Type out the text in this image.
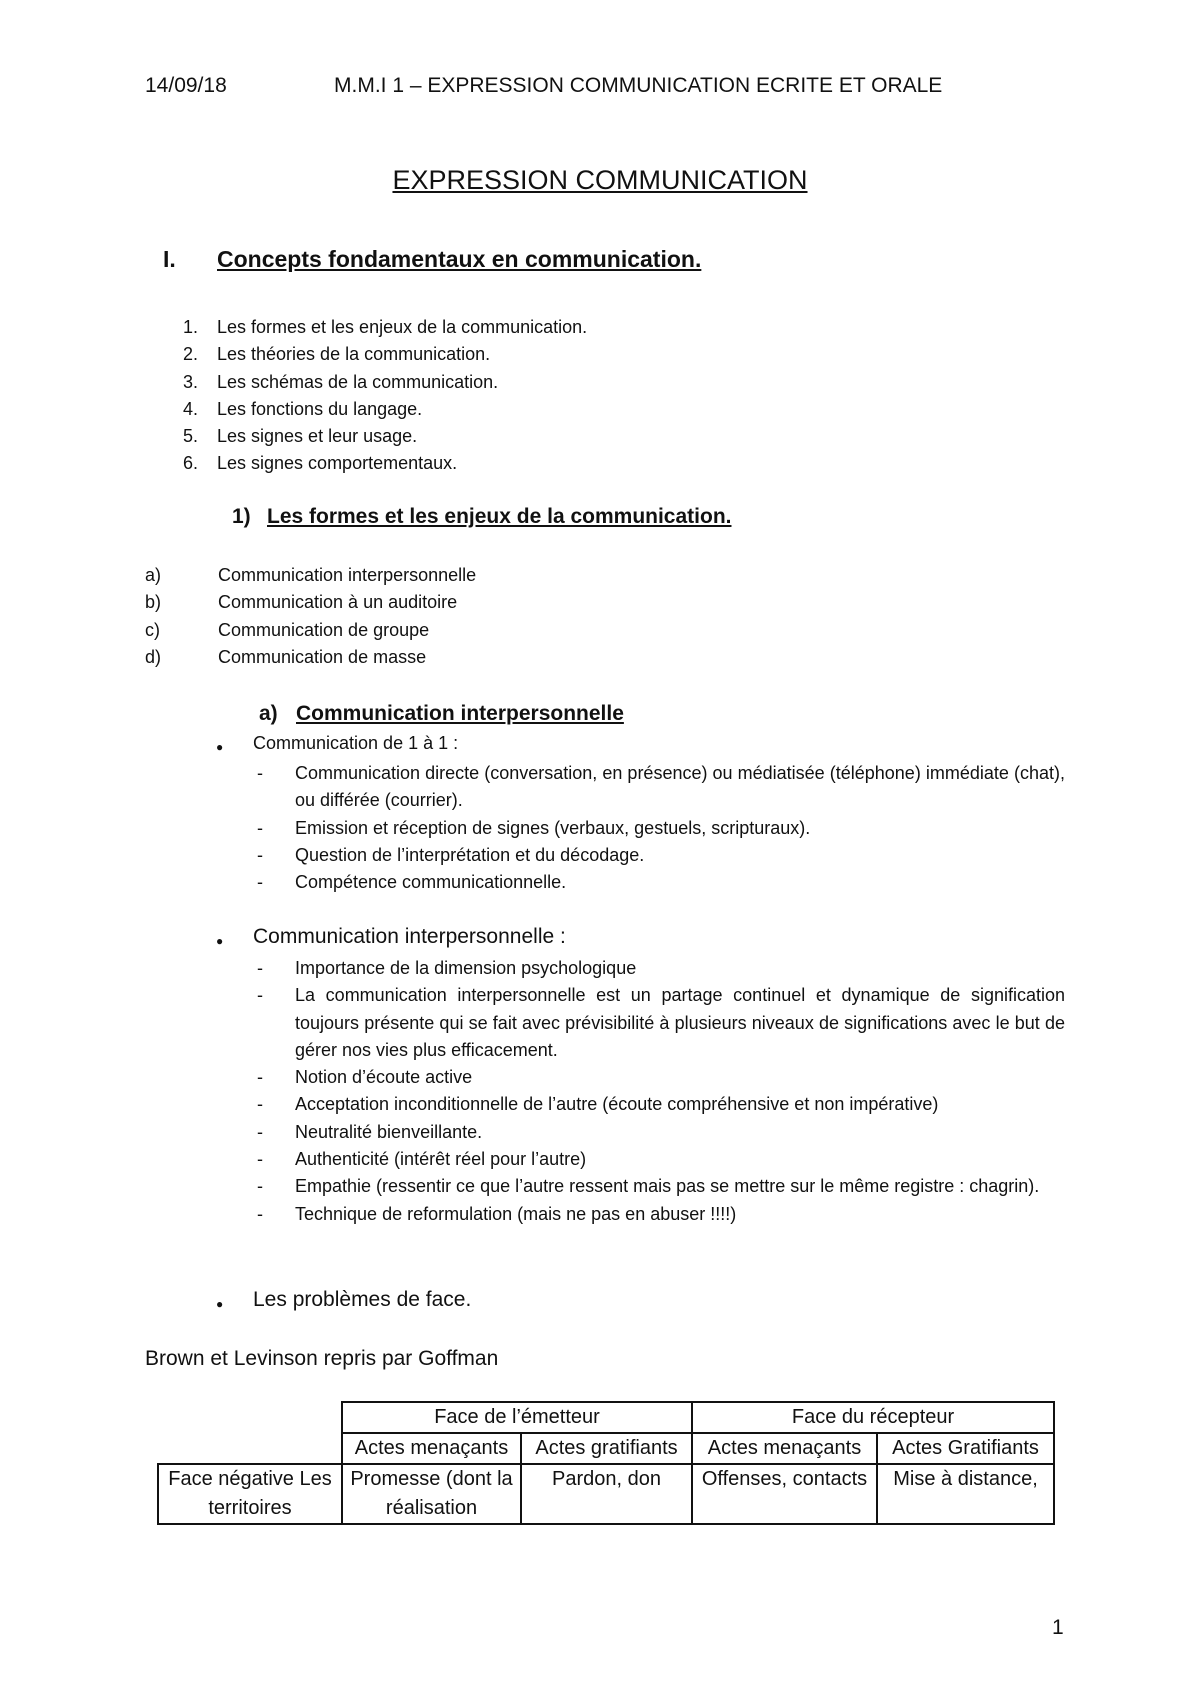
14/09/18	M.M.I 1 – EXPRESSION COMMUNICATION ECRITE ET ORALE
EXPRESSION COMMUNICATION
I. Concepts fondamentaux en communication.
1. Les formes et les enjeux de la communication.
2. Les théories de la communication.
3. Les schémas de la communication.
4. Les fonctions du langage.
5. Les signes et leur usage.
6. Les signes comportementaux.
1) Les formes et les enjeux de la communication.
a)	Communication interpersonnelle
b)	Communication à un auditoire
c)	Communication de groupe
d)	Communication de masse
a) Communication interpersonnelle
● Communication de 1 à 1 :
- Communication directe (conversation, en présence) ou médiatisée (téléphone) immédiate (chat), ou différée (courrier).
- Emission et réception de signes (verbaux, gestuels, scripturaux).
- Question de l’interprétation et du décodage.
- Compétence communicationnelle.
● Communication interpersonnelle :
- Importance de la dimension psychologique
- La communication interpersonnelle est un partage continuel et dynamique de signification toujours présente qui se fait avec prévisibilité à plusieurs niveaux de significations avec le but de gérer nos vies plus efficacement.
- Notion d’écoute active
- Acceptation inconditionnelle de l’autre (écoute compréhensive et non impérative)
- Neutralité bienveillante.
- Authenticité (intérêt réel pour l’autre)
- Empathie (ressentir ce que l’autre ressent mais pas se mettre sur le même registre : chagrin).
- Technique de reformulation (mais ne pas en abuser !!!!)
● Les problèmes de face.
Brown et Levinson repris par Goffman
	Face de l’émetteur		Face du récepteur	
	Actes menaçants	Actes gratifiants	Actes menaçants	Actes Gratifiants
Face négative Les territoires	Promesse (dont la réalisation	Pardon, don	Offenses, contacts	Mise à distance,
1
